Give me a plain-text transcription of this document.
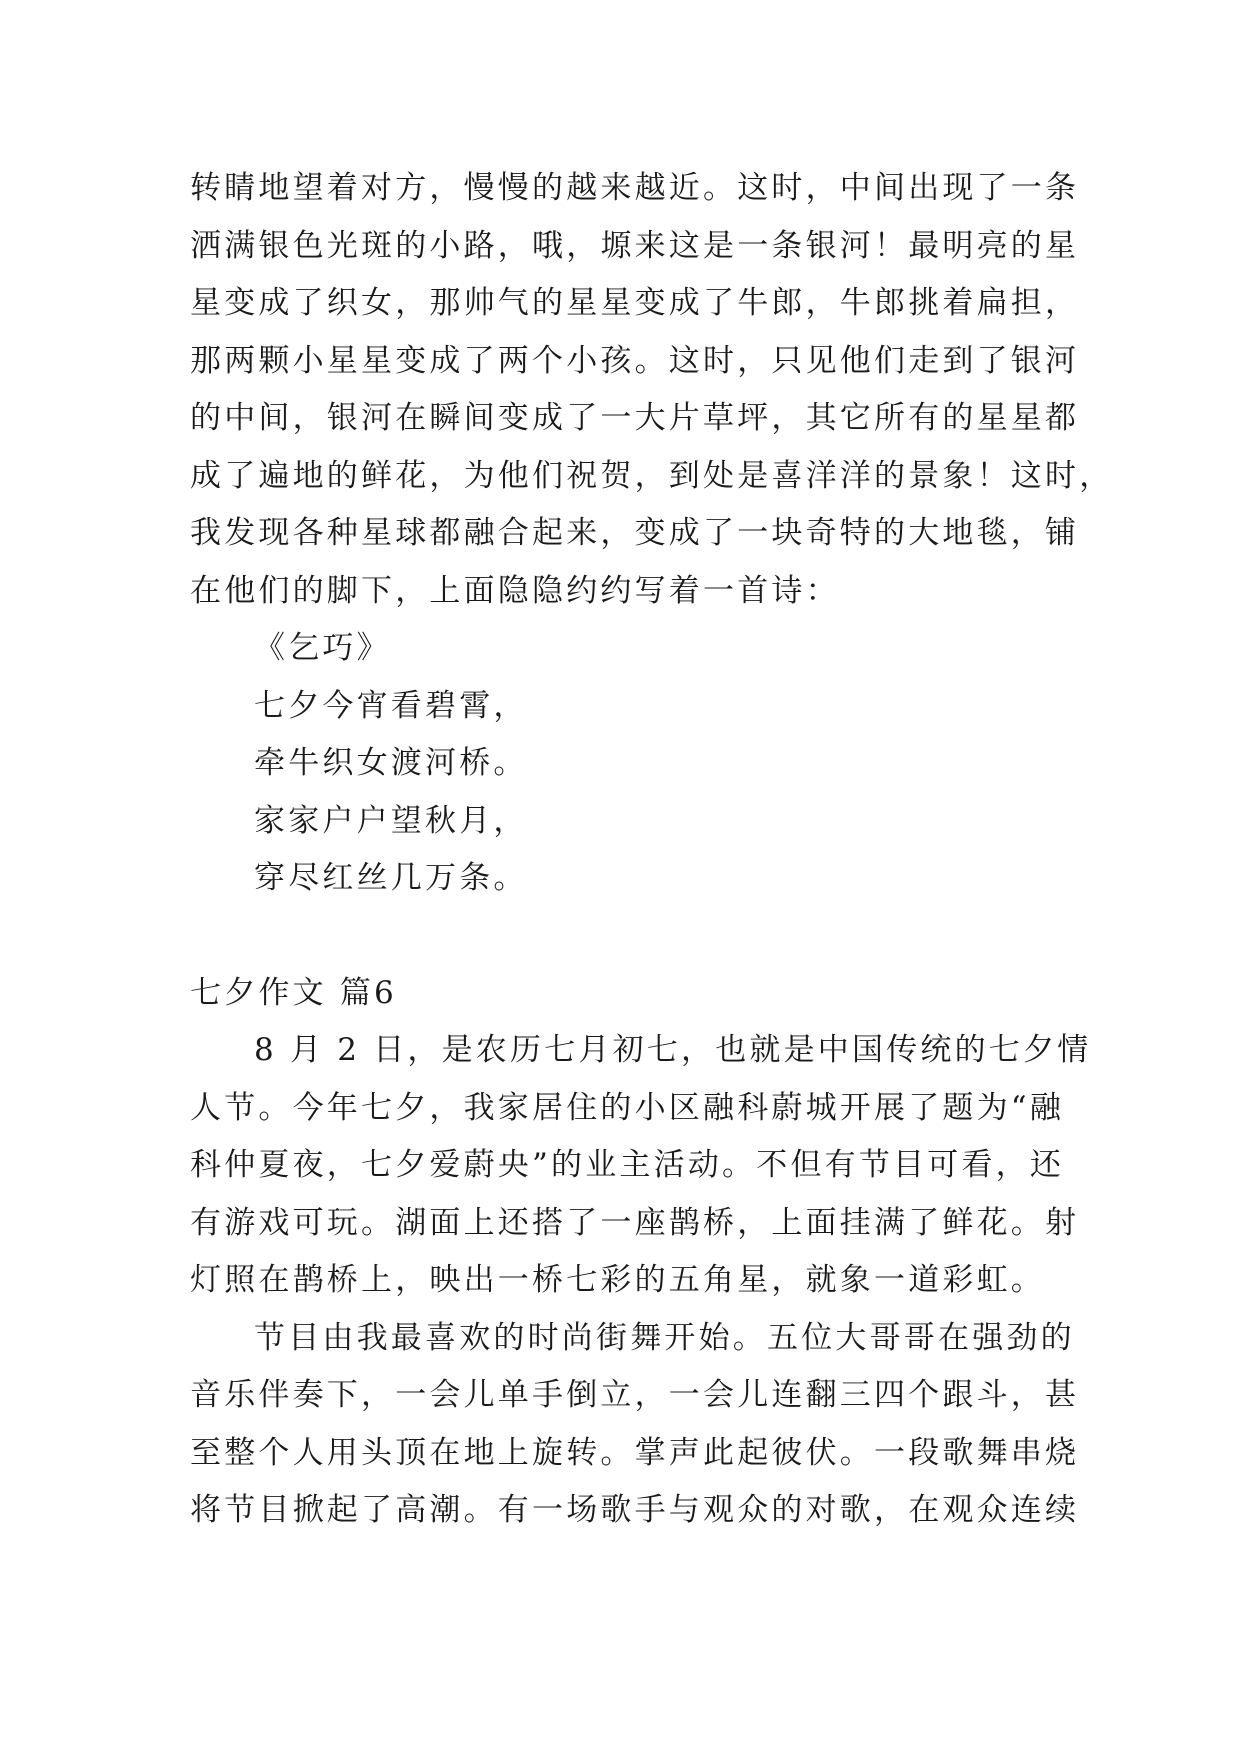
转睛地望着对方，慢慢的越来越近。这时，中间出现了一条
洒满银色光斑的小路，哦，塬来这是一条银河！最明亮的星
星变成了织女，那帅气的星星变成了牛郎，牛郎挑着扁担，
那两颗小星星变成了两个小孩。这时，只见他们走到了银河
的中间，银河在瞬间变成了一大片草坪，其它所有的星星都
成了遍地的鲜花，为他们祝贺，到处是喜洋洋的景象！这时，
我发现各种星球都融合起来，变成了一块奇特的大地毯，铺
在他们的脚下，上面隐隐约约写着一首诗：
《乞巧》
七夕今宵看碧霄，
牵牛织女渡河桥。
家家户户望秋月，
穿尽红丝几万条。
七夕作文 篇6
8 月 2 日，是农历七月初七，也就是中国传统的七夕情
人节。今年七夕，我家居住的小区融科蔚城开展了题为“融
科仲夏夜，七夕爱蔚央”的业主活动。不但有节目可看，还
有游戏可玩。湖面上还搭了一座鹊桥，上面挂满了鲜花。射
灯照在鹊桥上，映出一桥七彩的五角星，就象一道彩虹。
节目由我最喜欢的时尚街舞开始。五位大哥哥在强劲的
音乐伴奏下，一会儿单手倒立，一会儿连翻三四个跟斗，甚
至整个人用头顶在地上旋转。掌声此起彼伏。一段歌舞串烧
将节目掀起了高潮。有一场歌手与观众的对歌，在观众连续
